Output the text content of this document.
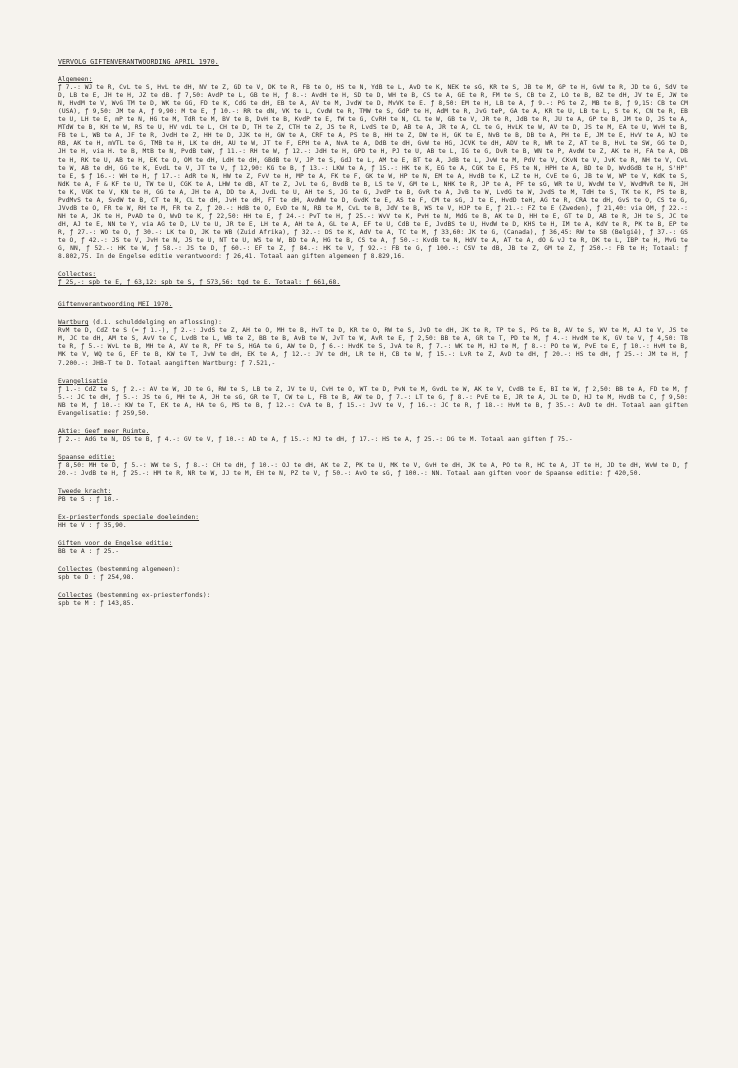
VERVOLG GIFTENVERANTWOORDING APRIL 1970.
Algemeen:
ƒ 7.-: WJ te R, CvL te S, HvL te dH, NV te Z, GD te V, DK te R, FB te O, HS te N, YdB te L, AvD te K, NEK te sG, KR te S, JB te M, GP te H, GvW te R, JD te G, SdV te D, LB te E, JH te H, JZ te dB. ƒ 7,50: AvdP te L, GB te H, ƒ 8.-: AvdH te H, SD te D, WH te B, CS te A, GE te R, FM te S, CB te Z, LO te B, BZ te dH, JV te E, JW te N, HvdM te V, WvG TM te D, WK te GG, FD te K, CdG te dH, EB te A, AV te M, JvdW te D, MvVK te E. ƒ 8,50: EM te H, LB te A, ƒ 9.-: PG te Z, MB te B, ƒ 9,15: CB te CM (USA), ƒ 9,50: JM te A, ƒ 9,90: M te E, ƒ 10.-: RR te dN, VK te L, CvdW te R, TMW te S, GdP te H, AdM te R, JvG teP, GA te A, KR te U, LB te L, S te K, CN te R, EB te U, LH te E, mP te N, HG te M, TdR te M, BV te B, DvH te B, KvdP te E, fW te G, CvRH te N, CL te W, GB te V, JR te R, JdB te R, JU te A, GP te B, JM te D, JS te A, MTdW te B, KH te W, RS te U, HV vdL te L, CH te D, TH te Z, CTH te Z, JS te R, LvdS te D, AB te A, JR te A, CL te G, HvLK te W, AV te D, JS te M, EA te U, WvH te B, FB te L, WB te A, JF te R, JvdH te Z, HH te D, JJK te H, GW te A, CRF te A, PS te B, HH te Z, DW te H, GK te E, NvB te B, DB te A, PH te E, JM te E, HvV te A, WJ te RB, AK te H, mVTL te G, TMB te H, LK te dH, AU te W, JT te F, EPH te A, NvA te A, DdB te dH, GvW te HG, JCVK te dH, ADV te R, WR te Z, AT te B, HvL te SW, GG te D, JH te H, via H. te B, MtB te N, PvdB teW, ƒ 11.-: RH te W, ƒ 12.-: JdH te H, GPD te H, PJ te U, AB te L, IG te G, DvR te B, WN te P, AvdW te Z, AK te H, FA te A, DB te H, RK te U, AB te H, EK te O, OM te dH, LdH te dH, GBdB te V, JP te S, GdJ te L, AM te E, BT te A, JdB te L, JvW te M, PdV te V, CKvN te V, JvK te R, NH te V, CvL te W, AB te dH, GG te K, EvdL te V, JT te V, ƒ 12,90: KG te B, ƒ 13.-: LKW te A, ƒ 15.-: HK te K, EG te A, CGK te E, FS te N, HPH te A, BD te D, WvdGdB te H, S'HP' te E, $ ƒ 16.-: WH te H, ƒ 17.-: AdR te N, HW te Z, FvV te H, MP te A, FK te F, GK te W, HP te N, EM te A, HvdB te K, LZ te H, CvE te G, JB te W, WP te V, KdK te S, NdK te A, F & KF te U, TW te U, CGK te A, LHW te dB, AT te Z, JvL te G, BvdB te B, LS te V, GM te L, NHK te R, JP te A, PF te sG, WR te U, WvdW te V, WvdMvR te N, JH te K, VGK te V, KN te H, GG te A, JH te A, DD te A, JvdL te U, AH te S, JG te G, JvdP te B, GvR te A, JvB te W, LvdG te W, JvdS te M, TdH te S, TK te K, PS te B, PvdMvS te A, SvdW te B, CT te N, CL te dH, JvH te dH, FT te dH, AvdWW te D, GvdK te E, AS te F, CM te sG, J te E, HvdD teH, AG te R, CRA te dH, GvS te O, CS te G, JVvdB te O, FR te W, RH te M, FR te Z, ƒ 20.-: HdB te O, EvD te N, RB te M, CvL te B, JdV te B, WS te V, HJP te E, ƒ 21.-: FZ te E (Zweden), ƒ 21,40: via OM, ƒ 22.-: NH te A, JK te H, PvAD te O, WvD te K, ƒ 22,50: HH te E, ƒ 24.-: PvT te H, ƒ 25.-: WvV te K, PvH te N, MdG te B, AK te D, HH te E, GT te D, AB te R, JH te S, JC te dH, AJ te E, NN te Y, via AG te D, LV te U, JR te E, LH te A, AH te A, GL te A, EF te U, CdB te E, JvdBS te U, HvdW te D, KHS te H, IM te A, KdV te R, PK te B, EP te R, ƒ 27.-: WO te O, ƒ 30.-: LK te D, JK te WB (Zuid Afrika), ƒ 32.-: DS te K, AdV te A, TC te M, ƒ 33,60: JK te G, (Canada), ƒ 36,45: RW te SB (België), ƒ 37.-: GS te O, ƒ 42.-: JS te V, JvH te N, JS te U, NT te U, WS te W, BD te A, HG te B, CS te A, ƒ 50.-: KvdB te N, HdV te A, AT te A, dO & vJ te R, DK te L, IBP te H, MvG te G, NN, ƒ 52.-: HK te W, ƒ 58.-: JS te D, ƒ 60.-: EF te Z, ƒ 84.-: HK te V, ƒ 92.-: FB te G, ƒ 100.-: CSV te dB, JB te Z, GM te Z, ƒ 250.-: FB te H; Totaal: ƒ 8.802,75. In de Engelse editie verantwoord: ƒ 26,41. Totaal aan giften algemeen ƒ 8.829,16.
Collectes:
ƒ 25,-: spb te E, ƒ 63,12: spb te S, ƒ 573,56: tgd te E. Totaal: ƒ 661,68.
Giftenverantwoording MEI 1970.
Wartburg (d.i. schulddelging en aflossing):
RvM te D, CdZ te S (= ƒ 1.-), ƒ 2.-: JvdS te Z, AH te O, MH te B, HvT te D, KR te O, RW te S, JvD te dH, JK te R, TP te S, PG te B, AV te S, WV te M, AJ te V, JS te M, JC te dH, AM te S, AvV te C, LvdB te L, WB te Z, BB te B, AvB te W, JvT te W, AvR te E, ƒ 2,50: BB te A, GR te T, PD te M, ƒ 4.-: HvdM te K, GV te V, ƒ 4,50: TB te R, ƒ 5.-: WvL te B, MH te A, AV te R, PF te S, HGA te G, AW te D, ƒ 6.-: HvdK te S, JvA te R, ƒ 7.-: WK te M, HJ te M, ƒ 8.-: PO te W, PvE te E, ƒ 10.-: HvM te B, MK te V, WQ te G, EF te B, KW te T, JvW te dH, EK te A, ƒ 12.-: JV te dH, LR te H, CB te W, ƒ 15.-: LvR te Z, AvD te dH, ƒ 20.-: HS te dH, ƒ 25.-: JM te H, ƒ 7.200.-: JHB-T te D. Totaal aangiften Wartburg: ƒ 7.521,-
Evangelisatie
ƒ 1.-: CdZ te S, ƒ 2.-: AV te W, JD te G, RW te S, LB te Z, JV te U, CvH te O, WT te D, PvN te M, GvdL te W, AK te V, CvdB te E, BI te W, ƒ 2,50: BB te A, FD te M, ƒ 5.-: JC te dH, ƒ 5.-: JS te G, MH te A, JH te sG, GR te T, CW te L, FB te B, AW te D, ƒ 7.-: LT te G, ƒ 8.-: PvE te E, JR te A, JL te D, HJ te M, HvdB te C, ƒ 9,50: NB te M, ƒ 10.-: KW te T, EK te A, HA te G, MS te B, ƒ 12.-: CvA te B, ƒ 15.-: JvV te V, ƒ 16.-: JC te R, ƒ 18.-: HvM te B, ƒ 35.-: AvD te dH. Totaal aan giften Evangelisatie: ƒ 259,50.
Aktie: Geef meer Ruimte.
ƒ 2.-: AdG te N, DS te B, ƒ 4.-: GV te V, ƒ 10.-: AD te A, ƒ 15.-: MJ te dH, ƒ 17.-: HS te A, ƒ 25.-: DG te M. Totaal aan giften ƒ 75.-
Spaanse editie:
ƒ 8,50: MH te D, ƒ 5.-: WW te S, ƒ 8.-: CH te dH, ƒ 10.-: OJ te dH, AK te Z, PK te U, MK te V, GvH te dH, JK te A, PO te R, HC te A, JT te H, JD te dH, WvW te D, ƒ 20.-: JvdB te H, ƒ 25.-: HM te R, NR te W, JJ te M, EH te N, PZ te V, ƒ 50.-: AvO te sG, ƒ 100.-: NN. Totaal aan giften voor de Spaanse editie: ƒ 420,50.
Tweede kracht:
PB te S : ƒ 10.-
Ex-priesterfonds speciale doeleinden:
HH te V : ƒ 35,90.
Giften voor de Engelse editie:
BB te A : ƒ 25.-
Collectes (bestemming algemeen):
spb te D : ƒ 254,98.
Collectes (bestemming ex-priesterfonds):
spb te M : ƒ 143,85.
